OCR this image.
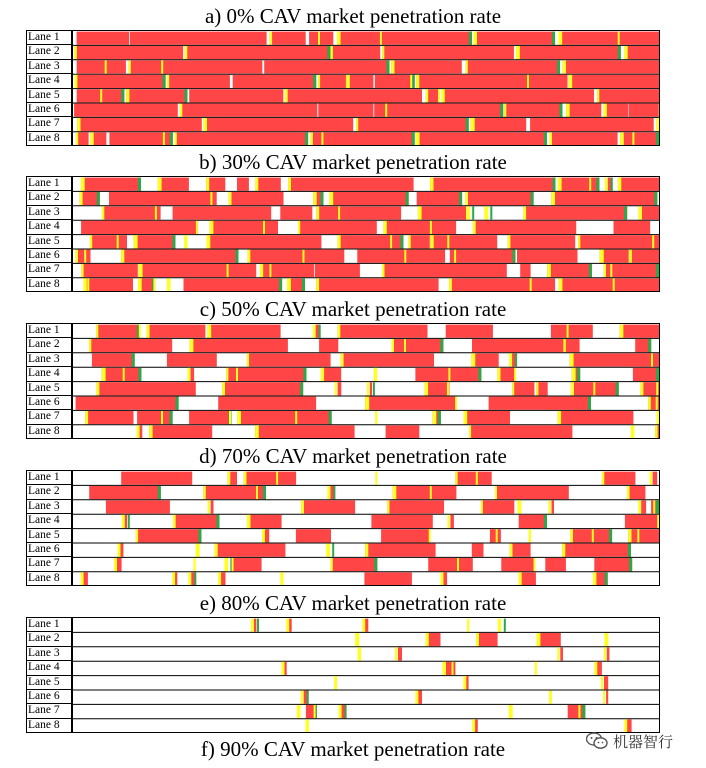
a) 0% CAV market penetration rate
Lane 1
Lane 2
Lane 3
Lane 4
Lane 5
Lane 6
Lane 7
Lane 8
b) 30% CAV market penetration rate
Lane 1
Lane 2
Lane 3
Lane 4
Lane 5
Lane 6
Lane 7
Lane 8
c) 50% CAV market penetration rate
Lane 1
Lane 2
Lane 3
Lane 4
Lane 5
Lane 6
Lane 7
Lane 8
d) 70% CAV market penetration rate
Lane 1
Lane 2
Lane 3
Lane 4
Lane 5
Lane 6
Lane 7
Lane 8
e) 80% CAV market penetration rate
Lane 1
Lane 2
Lane 3
Lane 4
Lane 5
Lane 6
Lane 7
Lane 8
f) 90% CAV market penetration rate	机器智行
